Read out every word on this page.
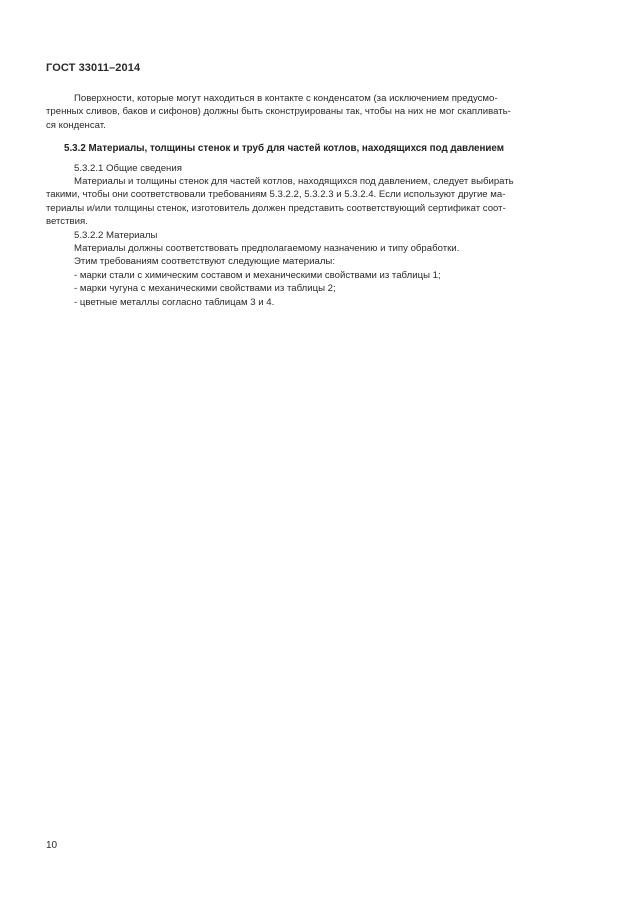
ГОСТ 33011–2014
Поверхности, которые могут находиться в контакте с конденсатом (за исключением предусмо-
тренных сливов, баков и сифонов) должны быть сконструированы так, чтобы на них не мог скапливать-
ся конденсат.
5.3.2 Материалы, толщины стенок и труб для частей котлов, находящихся под давлением
5.3.2.1 Общие сведения
Материалы и толщины стенок для частей котлов, находящихся под давлением, следует выбирать
такими, чтобы они соответствовали требованиям 5.3.2.2, 5.3.2.3 и 5.3.2.4. Если используют другие ма-
териалы и/или толщины стенок, изготовитель должен представить соответствующий сертификат соот-
ветствия.
5.3.2.2 Материалы
Материалы должны соответствовать предполагаемому назначению и типу обработки.
Этим требованиям соответствуют следующие материалы:
- марки стали с химическим составом и механическими свойствами из таблицы 1;
- марки чугуна с механическими свойствами из таблицы 2;
- цветные металлы согласно таблицам 3 и 4.
10
